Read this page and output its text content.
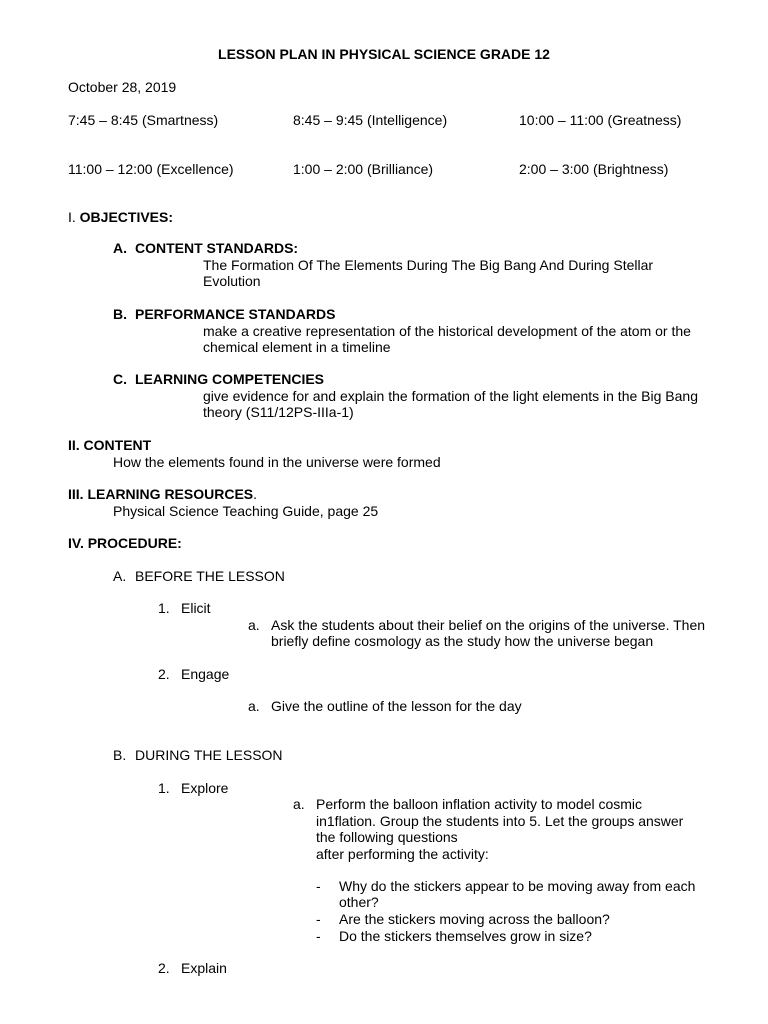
LESSON PLAN IN PHYSICAL SCIENCE GRADE 12
October 28, 2019
7:45 – 8:45 (Smartness)	8:45 – 9:45 (Intelligence)	10:00 – 11:00 (Greatness)
11:00 – 12:00 (Excellence)	1:00 – 2:00 (Brilliance)	2:00 – 3:00 (Brightness)
I. OBJECTIVES:
A. CONTENT STANDARDS:
The Formation Of The Elements During The Big Bang And During Stellar
Evolution
B. PERFORMANCE STANDARDS
make a creative representation of the historical development of the atom or the
chemical element in a timeline
C. LEARNING COMPETENCIES
give evidence for and explain the formation of the light elements in the Big Bang
theory (S11/12PS-IIIa-1)
II. CONTENT
How the elements found in the universe were formed
III. LEARNING RESOURCES.
Physical Science Teaching Guide, page 25
IV. PROCEDURE:
A. BEFORE THE LESSON
1. Elicit
a. Ask the students about their belief on the origins of the universe. Then
briefly define cosmology as the study how the universe began
2. Engage
a. Give the outline of the lesson for the day
B. DURING THE LESSON
1. Explore
a. Perform the balloon inflation activity to model cosmic
in1flation. Group the students into 5. Let the groups answer
the following questions
after performing the activity:
- Why do the stickers appear to be moving away from each
other?
- Are the stickers moving across the balloon?
- Do the stickers themselves grow in size?
2. Explain
